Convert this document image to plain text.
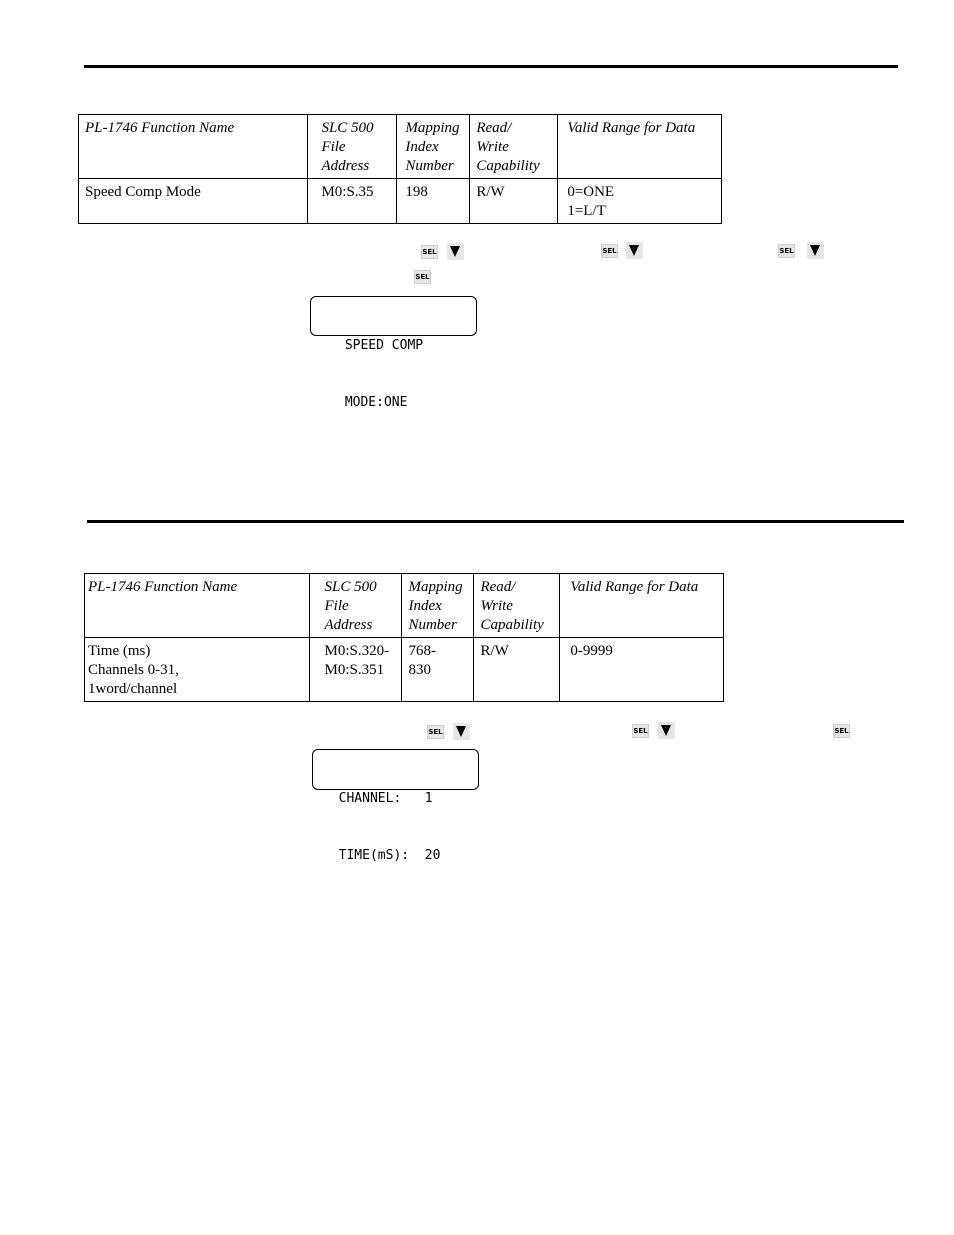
PL-1746 Function Name	SLC 500
File
Address	Mapping
Index
Number	Read/
Write
Capability	Valid Range for Data
Speed Comp Mode	M0:S.35	198	R/W	0=ONE
1=L/T
SEL	SEL	SEL
SEL

SPEED COMP

MODE:ONE

PL-1746 Function Name	SLC 500
File
Address	Mapping
Index
Number	Read/
Write
Capability	Valid Range for Data
Time (ms)
Channels 0-31,
1word/channel	M0:S.320-
M0:S.351	768-
830	R/W	0-9999
SEL	SEL	SEL

CHANNEL:   1

TIME(mS):  20
